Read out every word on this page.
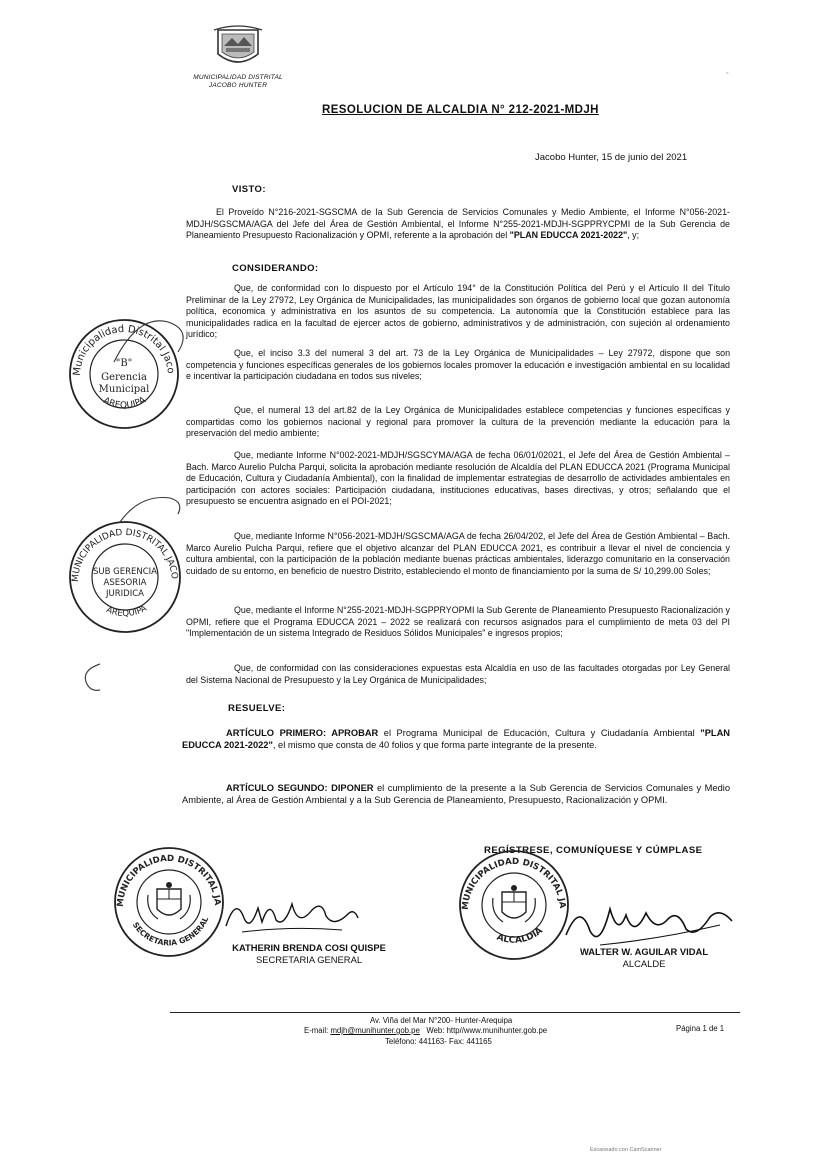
MUNICIPALIDAD DISTRITAL
JACOBO HUNTER
◦
RESOLUCION DE ALCALDIA N° 212-2021-MDJH
Jacobo Hunter, 15 de junio del 2021
VISTO:
El Proveído N°216-2021-SGSCMA de la Sub Gerencia de Servicios Comunales y Medio Ambiente, el Informe N°056-2021-MDJH/SGSCMA/AGA del Jefe del Área de Gestión Ambiental, el Informe N°255-2021-MDJH-SGPPRYCPMI de la Sub Gerencia de Planeamiento Presupuesto Racionalización y OPMI, referente a la aprobación del "PLAN EDUCCA 2021-2022", y;
CONSIDERANDO:
Que, de conformidad con lo dispuesto por el Artículo 194° de la Constitución Política del Perú y el Artículo II del Título Preliminar de la Ley 27972, Ley Orgánica de Municipalidades, las municipalidades son órganos de gobierno local que gozan autonomía política, economica y administrativa en los asuntos de su competencia. La autonomía que la Constitución establece para las municipalidades radica en la facultad de ejercer actos de gobierno, administrativos y de administración, con sujeción al ordenamiento jurídico;
Que, el inciso 3.3 del numeral 3 del art. 73 de la Ley Orgánica de Municipalidades – Ley 27972, dispone que son competencia y funciones específicas generales de los gobiernos locales promover la educación e investigación ambiental en su localidad e incentivar la participación ciudadana en todos sus niveles;
Que, el numeral 13 del art.82 de la Ley Orgánica de Municipalidades establece competencias y funciones específicas y compartidas como los gobiernos nacional y regional para promover la cultura de la prevención mediante la educación para la preservación del medio ambiente;
Que, mediante Informe N°002-2021-MDJH/SGSCYMA/AGA de fecha 06/01/02021, el Jefe del Área de Gestión Ambiental – Bach. Marco Aurelio Pulcha Parqui, solicita la aprobación mediante resolución de Alcaldía del PLAN EDUCCA 2021 (Programa Municipal de Educación, Cultura y Ciudadanía Ambiental), con la finalidad de implementar estrategias de desarrollo de actividades ambientales en participación con actores sociales: Participación ciudadana, instituciones educativas, bases directivas, y otros; señalando que el presupuesto se encuentra asignado en el POI-2021;
Que, mediante Informe N°056-2021-MDJH/SGSCMA/AGA de fecha 26/04/202, el Jefe del Área de Gestión Ambiental – Bach. Marco Aurelio Pulcha Parqui, refiere que el objetivo alcanzar del PLAN EDUCCA 2021, es contribuir a llevar el nivel de conciencia y cultura ambiental, con la participación de la población mediante buenas prácticas ambientales, liderazgo comunitario en la conservación cuidado de su entorno, en beneficio de nuestro Distrito, estableciendo el monto de financiamiento por la suma de S/ 10,299.00 Soles;
Que, mediante el Informe N°255-2021-MDJH-SGPPRYOPMI la Sub Gerente de Planeamiento Presupuesto Racionalización y OPMI, refiere que el Programa EDUCCA 2021 – 2022 se realizará con recursos asignados para el cumplimiento de meta 03 del PI "Implementación de un sistema Integrado de Residuos Sólidos Municipales" e ingresos propios;
Que, de conformidad con las consideraciones expuestas esta Alcaldía en uso de las facultades otorgadas por Ley General del Sistema Nacional de Presupuesto y la Ley Orgánica de Municipalidades;
RESUELVE:
ARTÍCULO PRIMERO: APROBAR el Programa Municipal de Educación, Cultura y Ciudadanía Ambiental "PLAN EDUCCA 2021-2022", el mismo que consta de 40 folios y que forma parte integrante de la presente.
ARTÍCULO SEGUNDO: DIPONER el cumplimiento de la presente a la Sub Gerencia de Servicios Comunales y Medio Ambiente, al Área de Gestión Ambiental y a la Sub Gerencia de Planeamiento, Presupuesto, Racionalización y OPMI.
Municipalidad Distrital Jacobo Hunter
AREQUIPA
"B"
Gerencia
Municipal
MUNICIPALIDAD DISTRITAL JACOBO HUNTER
AREQUIPA
SUB GERENCIA
ASESORIA
JURIDICA
REGÍSTRESE, COMUNÍQUESE Y CÚMPLASE
MUNICIPALIDAD DISTRITAL JACOBO HUNTER
SECRETARIA GENERAL
MUNICIPALIDAD DISTRITAL JACOBO HUNTER
ALCALDIA
KATHERIN BRENDA COSI QUISPE
SECRETARIA GENERAL
WALTER W. AGUILAR VIDAL
ALCALDE
Av. Viña del Mar N°200- Hunter-Arequipa
E-mail: mdjh@munihunter.gob.pe Web: http//www.munihunter.gob.pe
Teléfono: 441163- Fax: 441165
Página 1 de 1
Escaneado con CamScanner
